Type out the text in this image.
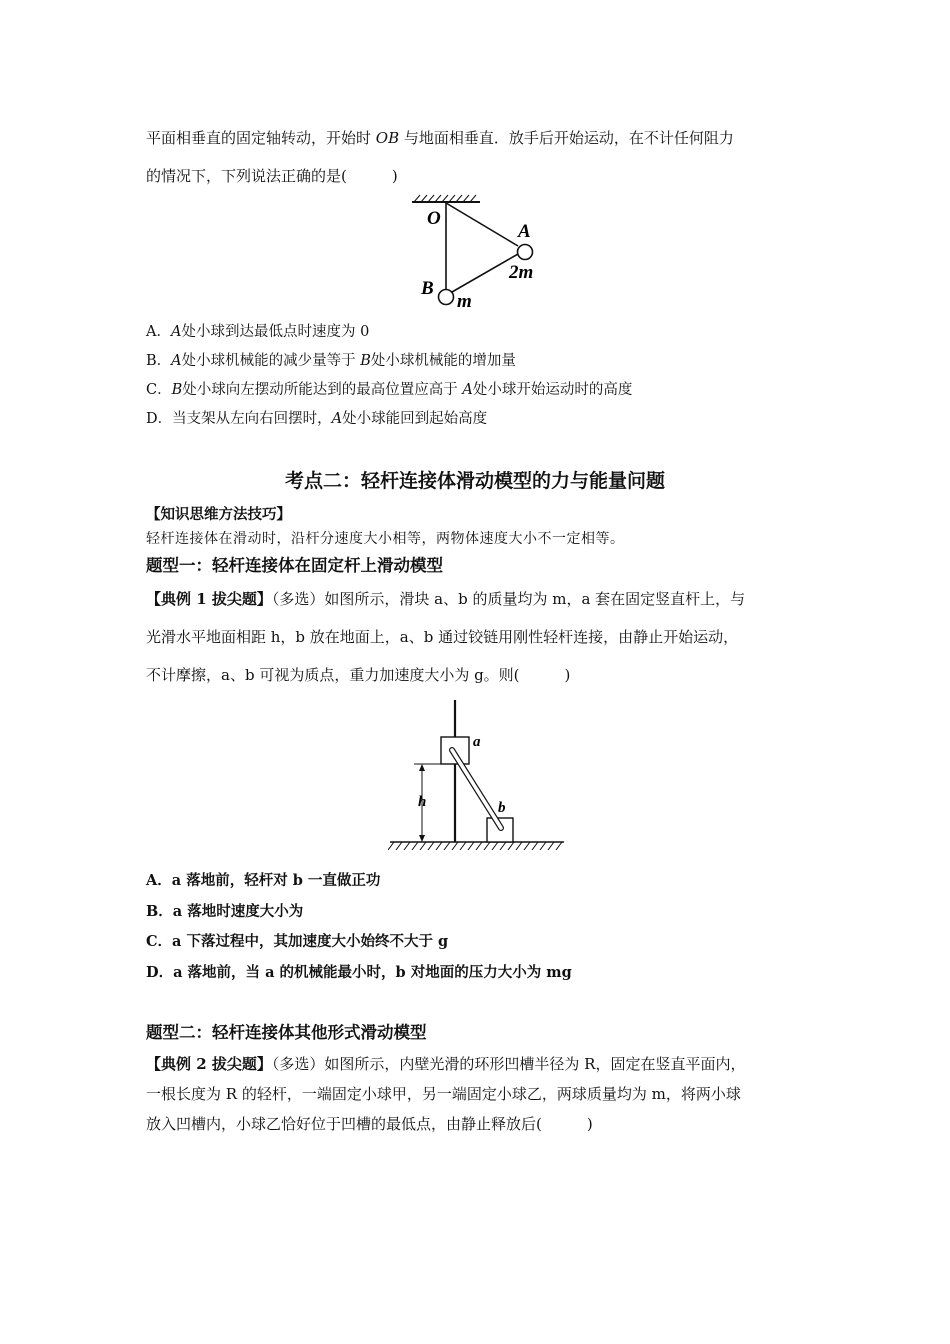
平面相垂直的固定轴转动，开始时 OB 与地面相垂直．放手后开始运动，在不计任何阻力
的情况下，下列说法正确的是(　　　)
O
A
2m
B
m
A．A处小球到达最低点时速度为 0
B．A处小球机械能的减少量等于 B处小球机械能的增加量
C．B处小球向左摆动所能达到的最高位置应高于 A处小球开始运动时的高度
D．当支架从左向右回摆时，A处小球能回到起始高度
考点二：轻杆连接体滑动模型的力与能量问题
【知识思维方法技巧】
轻杆连接体在滑动时，沿杆分速度大小相等，两物体速度大小不一定相等。
题型一：轻杆连接体在固定杆上滑动模型
【典例 1 拔尖题】（多选）如图所示，滑块 a、b 的质量均为 m，a 套在固定竖直杆上，与
光滑水平地面相距 h，b 放在地面上，a、b 通过铰链用刚性轻杆连接，由静止开始运动，
不计摩擦，a、b 可视为质点，重力加速度大小为 g。则(　　　)
a
b
h
A．a 落地前，轻杆对 b 一直做正功
B．a 落地时速度大小为
C．a 下落过程中，其加速度大小始终不大于 g
D．a 落地前，当 a 的机械能最小时，b 对地面的压力大小为 mg
题型二：轻杆连接体其他形式滑动模型
【典例 2 拔尖题】（多选）如图所示，内壁光滑的环形凹槽半径为 R，固定在竖直平面内，
一根长度为 R 的轻杆，一端固定小球甲，另一端固定小球乙，两球质量均为 m，将两小球
放入凹槽内，小球乙恰好位于凹槽的最低点，由静止释放后(　　　)
